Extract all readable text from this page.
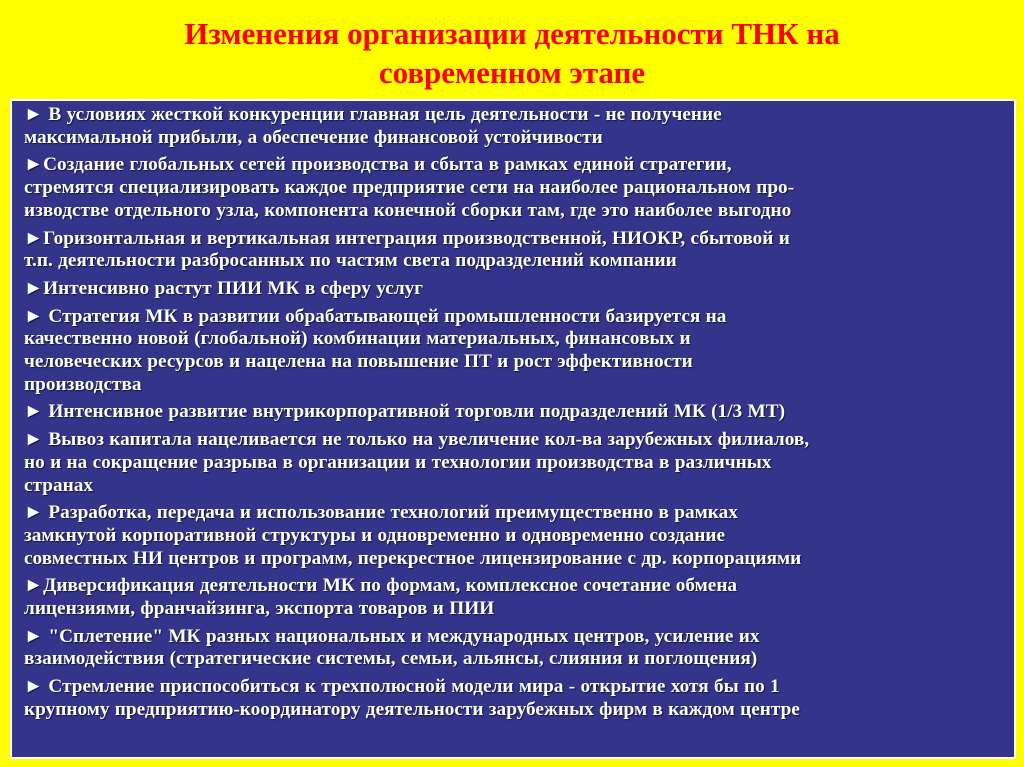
Изменения организации деятельности ТНК на
современном этапе
► В условиях жесткой конкуренции главная цель деятельности - не получение
максимальной прибыли, а обеспечение финансовой устойчивости
►Создание глобальных сетей производства и сбыта в рамках единой стратегии,
стремятся специализировать каждое предприятие сети на наиболее рациональном про-
изводстве отдельного узла, компонента конечной сборки там, где это наиболее выгодно
►Горизонтальная и вертикальная интеграция производственной, НИОКР, сбытовой и
т.п. деятельности разбросанных по частям света подразделений компании
►Интенсивно растут ПИИ МК в сферу услуг
► Стратегия МК в развитии обрабатывающей промышленности базируется на
качественно новой (глобальной) комбинации материальных, финансовых и
человеческих ресурсов и нацелена на повышение ПТ и рост эффективности
производства
► Интенсивное развитие внутрикорпоративной торговли подразделений МК (1/3 МТ)
► Вывоз капитала нацеливается не только на увеличение кол-ва зарубежных филиалов,
но и на сокращение разрыва в организации и технологии производства в различных
странах
► Разработка, передача и использование технологий преимущественно в рамках
замкнутой корпоративной структуры и одновременно и одновременно создание
совместных НИ центров и программ, перекрестное лицензирование с др. корпорациями
►Диверсификация деятельности МК по формам, комплексное сочетание обмена
лицензиями, франчайзинга, экспорта товаров и ПИИ
► "Сплетение" МК разных национальных и международных центров, усиление их
взаимодействия (стратегические системы, семьи, альянсы, слияния и поглощения)
► Стремление приспособиться к трехполюсной модели мира - открытие хотя бы по 1
крупному предприятию-координатору деятельности зарубежных фирм в каждом центре
